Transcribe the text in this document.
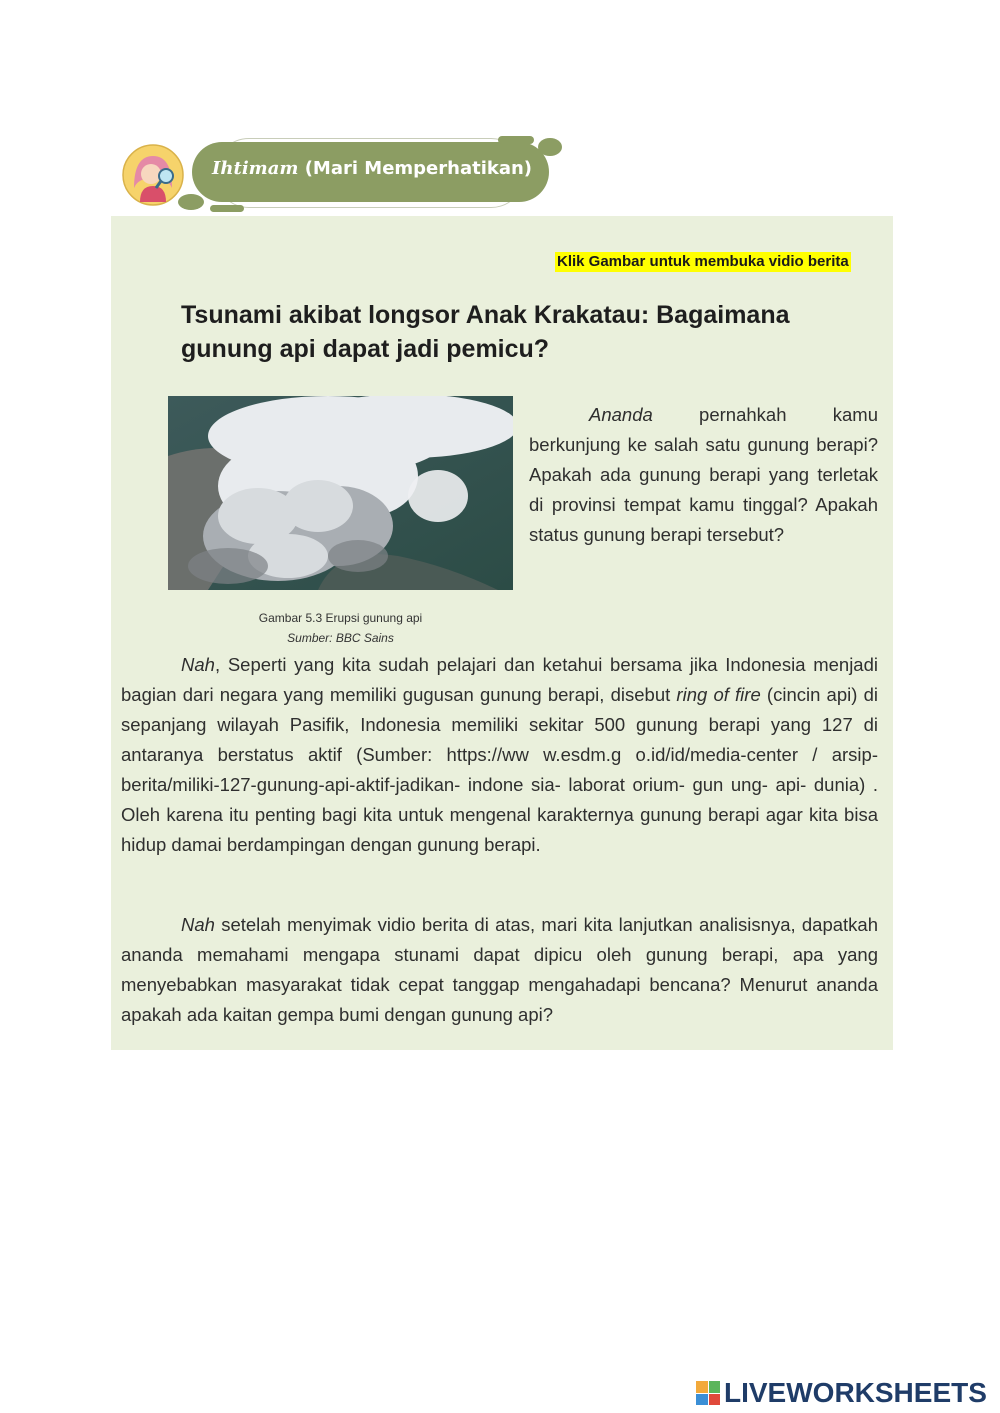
Ihtimam (Mari Memperhatikan)
Klik Gambar untuk membuka vidio berita
Tsunami akibat longsor Anak Krakatau: Bagaimana gunung api dapat jadi pemicu?
Gambar 5.3 Erupsi gunung api
Sumber: BBC Sains

Ananda pernahkah kamu berkunjung ke salah satu gunung berapi? Apakah ada gunung berapi yang terletak di provinsi tempat kamu tinggal? Apakah status gunung berapi tersebut?

Nah, Seperti yang kita sudah pelajari dan ketahui bersama jika Indonesia menjadi bagian dari negara yang memiliki gugusan gunung berapi, disebut ring of fire (cincin api) di sepanjang wilayah Pasifik, Indonesia memiliki sekitar 500 gunung berapi yang 127 di antaranya berstatus aktif (Sumber: https://ww w.esdm.g o.id/id/media-center / arsip-berita/miliki-127-gunung-api-aktif-jadikan- indone sia- laborat orium- gun ung- api- dunia) . Oleh karena itu penting bagi kita untuk mengenal karakternya gunung berapi agar kita bisa hidup damai berdampingan dengan gunung berapi.

Nah setelah menyimak vidio berita di atas, mari kita lanjutkan analisisnya, dapatkah ananda memahami mengapa stunami dapat dipicu oleh gunung berapi, apa yang menyebabkan masyarakat tidak cepat tanggap mengahadapi bencana? Menurut ananda apakah ada kaitan gempa bumi dengan gunung api?

LIVEWORKSHEETS
